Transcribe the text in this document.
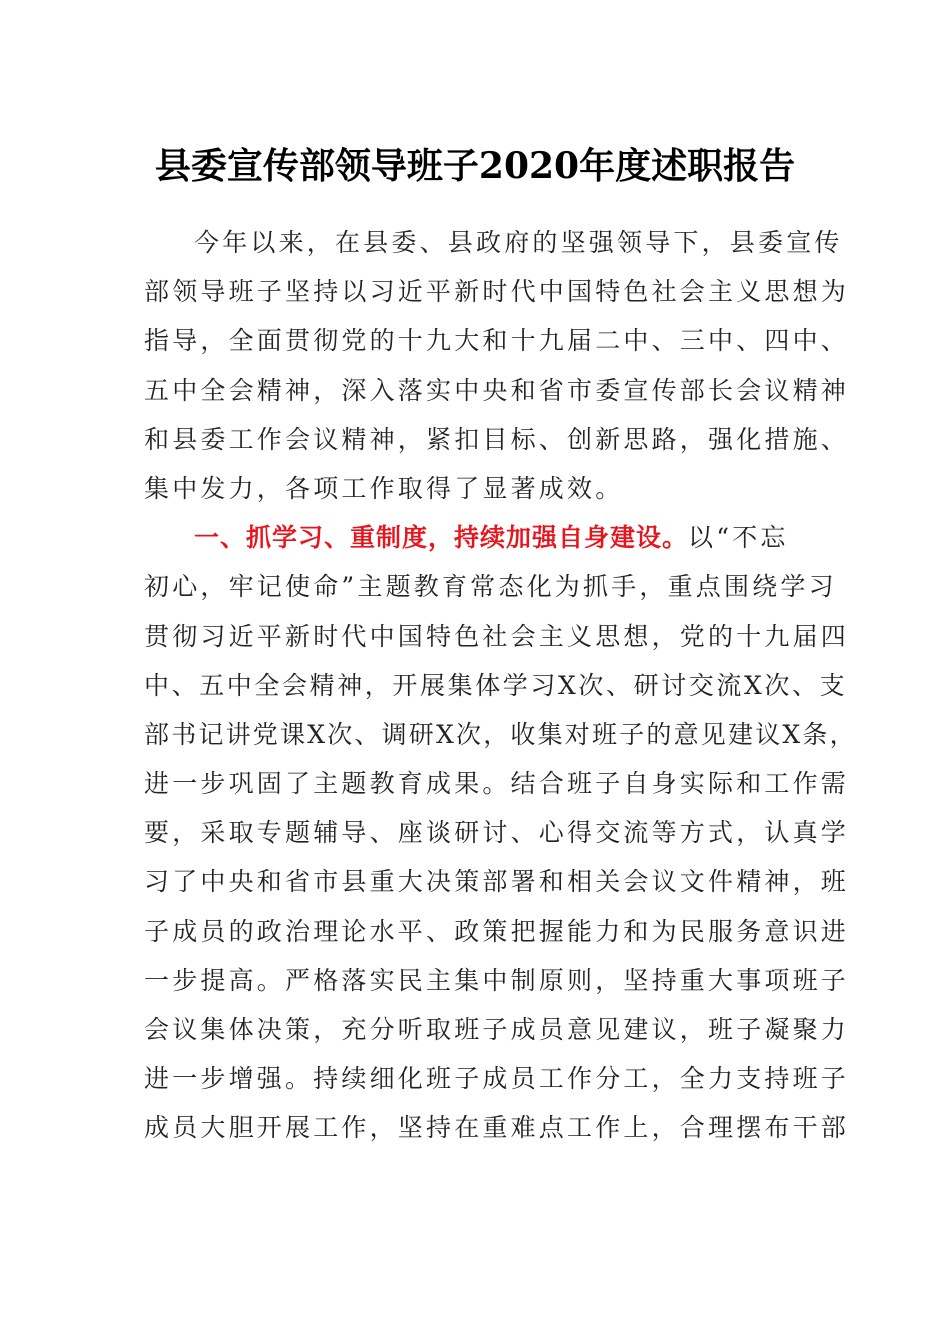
县委宣传部领导班子2020年度述职报告
今年以来，在县委、县政府的坚强领导下，县委宣传
部领导班子坚持以习近平新时代中国特色社会主义思想为
指导，全面贯彻党的十九大和十九届二中、三中、四中、
五中全会精神，深入落实中央和省市委宣传部长会议精神
和县委工作会议精神，紧扣目标、创新思路，强化措施、
集中发力，各项工作取得了显著成效。
一、抓学习、重制度，持续加强自身建设。以“不忘
初心，牢记使命”主题教育常态化为抓手，重点围绕学习
贯彻习近平新时代中国特色社会主义思想，党的十九届四
中、五中全会精神，开展集体学习X次、研讨交流X次、支
部书记讲党课X次、调研X次，收集对班子的意见建议X条，
进一步巩固了主题教育成果。结合班子自身实际和工作需
要，采取专题辅导、座谈研讨、心得交流等方式，认真学
习了中央和省市县重大决策部署和相关会议文件精神，班
子成员的政治理论水平、政策把握能力和为民服务意识进
一步提高。严格落实民主集中制原则，坚持重大事项班子
会议集体决策，充分听取班子成员意见建议，班子凝聚力
进一步增强。持续细化班子成员工作分工，全力支持班子
成员大胆开展工作，坚持在重难点工作上，合理摆布干部
